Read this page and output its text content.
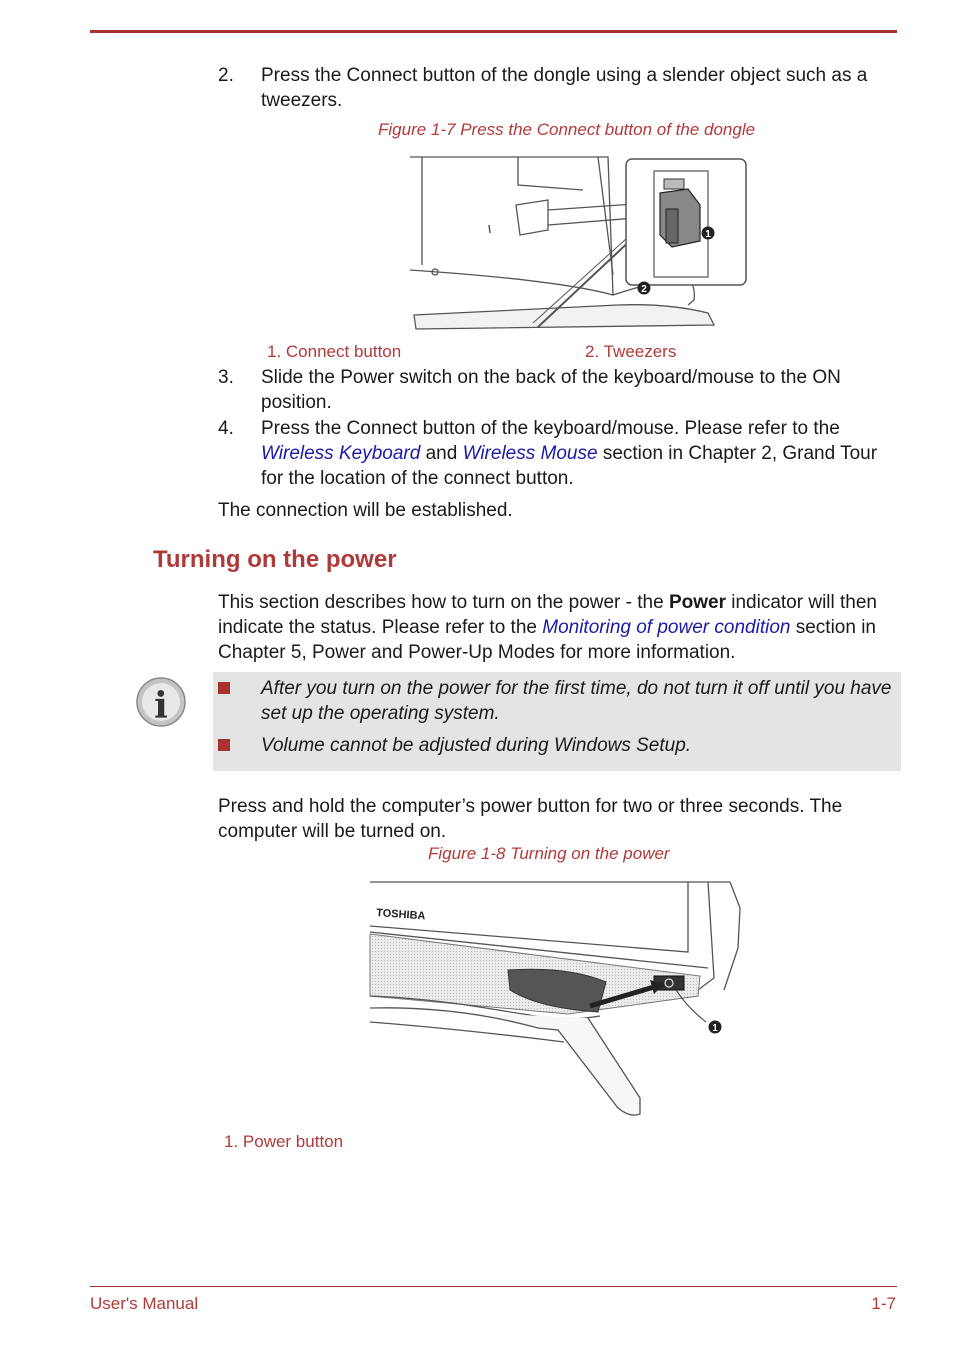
2. Press the Connect button of the dongle using a slender object such as a tweezers.
Figure 1-7 Press the Connect button of the dongle
1
2
1. Connect button	2. Tweezers
3. Slide the Power switch on the back of the keyboard/mouse to the ON position.
4. Press the Connect button of the keyboard/mouse. Please refer to the Wireless Keyboard and Wireless Mouse section in Chapter 2, Grand Tour for the location of the connect button.
The connection will be established.
Turning on the power
This section describes how to turn on the power - the Power indicator will then indicate the status. Please refer to the Monitoring of power condition section in Chapter 5, Power and Power-Up Modes for more information.
i	After you turn on the power for the first time, do not turn it off until you have set up the operating system.
Volume cannot be adjusted during Windows Setup.
Press and hold the computer’s power button for two or three seconds. The computer will be turned on.
Figure 1-8 Turning on the power
TOSHIBA
1
1. Power button
User's Manual	1-7
